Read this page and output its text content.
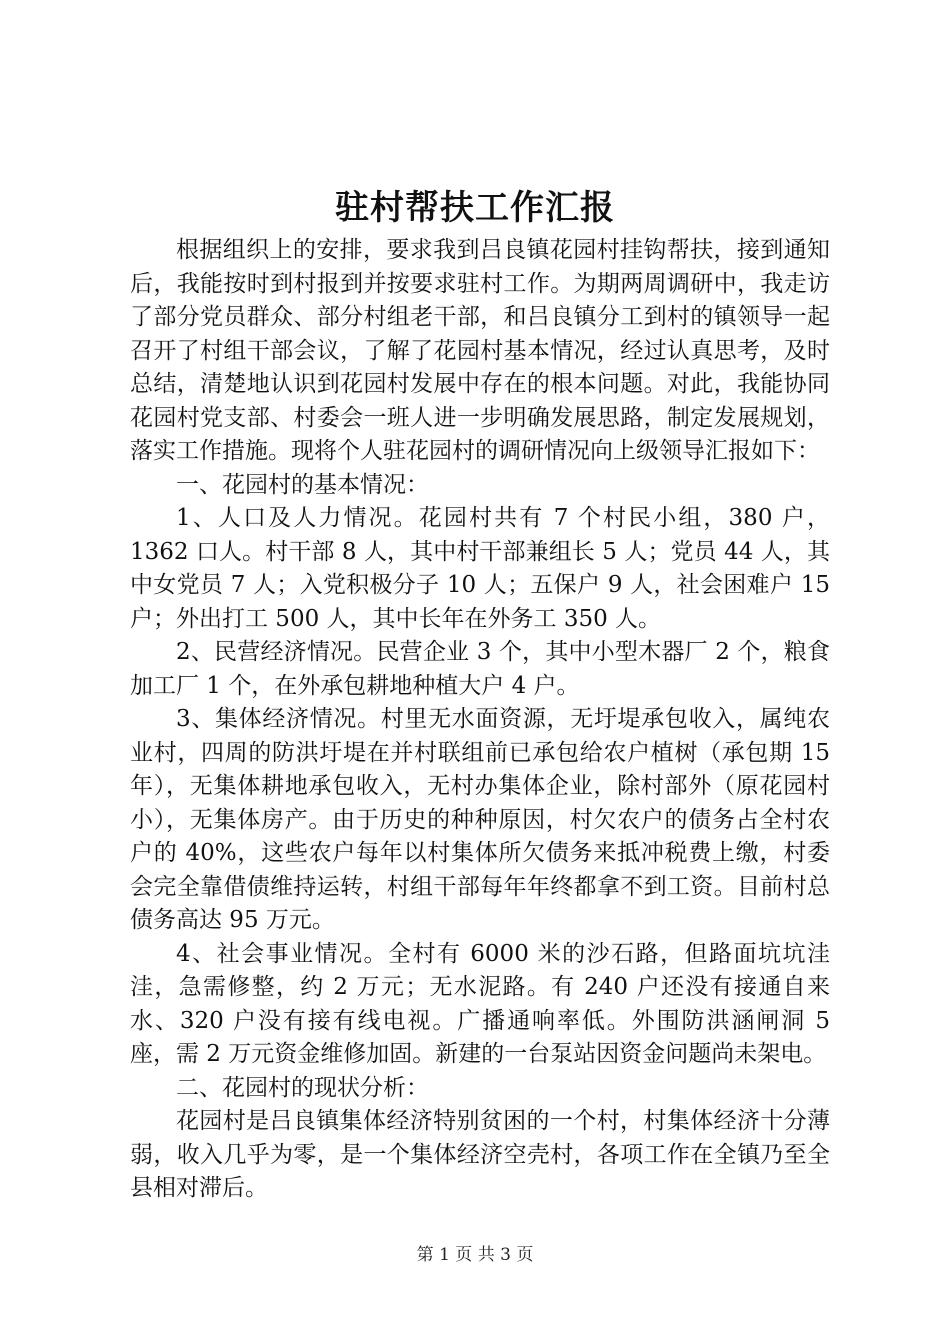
驻村帮扶工作汇报

根据组织上的安排，要求我到吕良镇花园村挂钩帮扶，接到通知后，我能按时到村报到并按要求驻村工作。为期两周调研中，我走访了部分党员群众、部分村组老干部，和吕良镇分工到村的镇领导一起召开了村组干部会议，了解了花园村基本情况，经过认真思考，及时总结，清楚地认识到花园村发展中存在的根本问题。对此，我能协同花园村党支部、村委会一班人进一步明确发展思路，制定发展规划，落实工作措施。现将个人驻花园村的调研情况向上级领导汇报如下：

一、花园村的基本情况：

1、人口及人力情况。花园村共有 7 个村民小组，380 户，1362 口人。村干部 8 人，其中村干部兼组长 5 人；党员 44 人，其中女党员 7 人；入党积极分子 10 人；五保户 9 人，社会困难户 15 户；外出打工 500 人，其中长年在外务工 350 人。

2、民营经济情况。民营企业 3 个，其中小型木器厂 2 个，粮食加工厂 1 个，在外承包耕地种植大户 4 户。

3、集体经济情况。村里无水面资源，无圩堤承包收入，属纯农业村，四周的防洪圩堤在并村联组前已承包给农户植树（承包期 15 年），无集体耕地承包收入，无村办集体企业，除村部外（原花园村小），无集体房产。由于历史的种种原因，村欠农户的债务占全村农户的 40%，这些农户每年以村集体所欠债务来抵冲税费上缴，村委会完全靠借债维持运转，村组干部每年年终都拿不到工资。目前村总债务高达 95 万元。

4、社会事业情况。全村有 6000 米的沙石路，但路面坑坑洼洼，急需修整，约 2 万元；无水泥路。有 240 户还没有接通自来水、320 户没有接有线电视。广播通响率低。外围防洪涵闸洞 5 座，需 2 万元资金维修加固。新建的一台泵站因资金问题尚未架电。

二、花园村的现状分析：

花园村是吕良镇集体经济特别贫困的一个村，村集体经济十分薄弱，收入几乎为零，是一个集体经济空壳村，各项工作在全镇乃至全县相对滞后。

第 1 页 共 3 页
